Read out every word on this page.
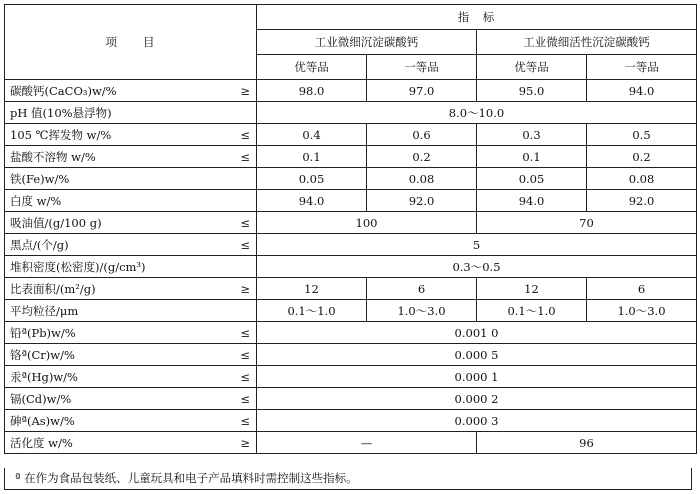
项　　目		指　标			
		工业微细沉淀碳酸钙		工业微细活性沉淀碳酸钙	
		优等品	一等品	优等品	一等品
碳酸钙(CaCO₃)w/%	≥	98.0	97.0	95.0	94.0
pH 值(10%悬浮物)		8.0～10.0			
105 ℃挥发物 w/%	≤	0.4	0.6	0.3	0.5
盐酸不溶物 w/%	≤	0.1	0.2	0.1	0.2
铁(Fe)w/%		0.05	0.08	0.05	0.08
白度 w/%		94.0	92.0	94.0	92.0
吸油值/(g/100 g)	≤	100		70	
黑点/(个/g)	≤	5			
堆积密度(松密度)/(g/cm³)		0.3～0.5			
比表面积/(m²/g)	≥	12	6	12	6
平均粒径/μm		0.1～1.0	1.0～3.0	0.1～1.0	1.0～3.0
铅ª(Pb)w/%	≤	0.001 0			
铬ª(Cr)w/%	≤	0.000 5			
汞ª(Hg)w/%	≤	0.000 1			
镉(Cd)w/%	≤	0.000 2			
砷ª(As)w/%	≤	0.000 3			
活化度 w/%	≥	—		96	
ª 在作为食品包装纸、儿童玩具和电子产品填料时需控制这些指标。
